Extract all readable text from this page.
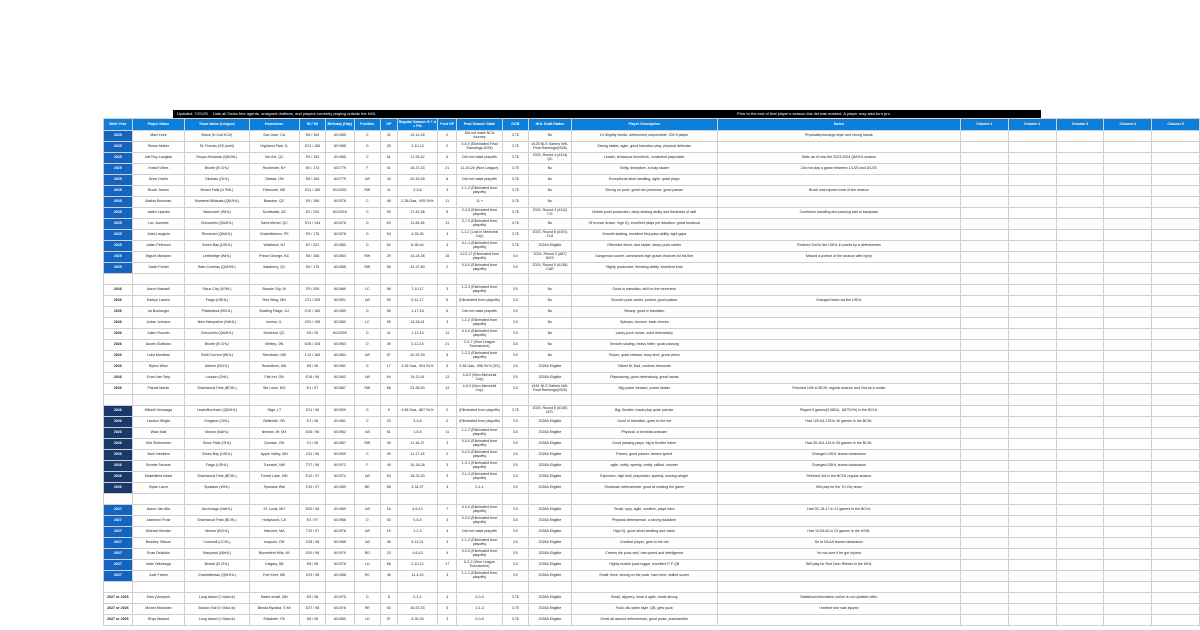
Updated: 7/21/25 Lists all Swiss free agents, unsigned draftees, and players currently playing outside the NHL	Prior to the end of that player's season this list was marked. A player may also turn pro
Birth Year	Player Name	Team Name (League)	Hometown	Ht / Wt	Birthday (Hdy)	Position	GP	Regular Season G + A = Pts	Post GP	Post Season Stats	DOB	NHL Draft Status	Player Description	Notes	Column 1	Column 2	Column 3	Column 4	Column 5
2025	Mavi Lees	Brave (K.Coll KCA)	San Jose, CA	5'8 / 163	6/1/985	C	32	12-14-26	0	Did not make NCA tourney	3.75	No	Dr Slightly frantic, defensively responsible, 200 ft player	Physicality/scrappy style and strong hands					
2025	Simon Moker	St. Francis (SS prohl)	Highland Park, IL	5'11 / 165	6/1/985	D	25	3-10-13	2	0-0-0 (Eliminated Final Standings 2025)	3.75	#125 NLS Sabres NHL Final Rankings(2025)	Strong skater, agile, good transition play, physical defender						
2025	Jeff Roy Langlois	Rouyn-Noranda (QMJHL)	Val d'or, QC	5'9 / 153	6/1/985	C	61	17-25-42	6	Did not make playoffs	3.75	2024, Round 4 (#114) QC	Leader, tenacious forecheck, consistent playmaker	Stats as of now the 2023-2024 QMJHL season					
2025	Kristof Vibes	Bronte (B CHL)	Rochester, NY	6'0 / 174	6/1/779	F	41	16-27-43	21	11-15-26 (Won League)	3.75	No	Shifty, deceptive, a busy skater	Did not play a game between 1/1/25 and 5/1/25					
2025	Drew Garfin	Okotoks (GHL)	Ottawa, ON	5'8 / 164	6/1/779	LW	43	20-15-35	6	Did not make playoffs	3.75	No	Exceptional stick handling, agile, quick plays						
2025	Brock James	Brown Falls (U SHL)	Falmouth, ME	5'11 / 180	6/1/2001	RW	11	3-3-6	4	1-1-2 (Eliminated from playoffs)	3.75	No	Strong on puck, great net presence, good passer	Brock was injured most of the season					
2025	Mathis Bonneau	Montreal Wildcats (QMJHL)	Brandon, QC	5'9 / 168	6/1/576	C	48	2-38 Gaa, .905 Sv%	11	11 +	3.75	No							
2025	Jaden Lipinski	Vancouver (WHL)	Scottsdale, AZ	6'2 / 204	6/1/2016	C	59	17-41-58	5	2-3-5 (Eliminated from playoffs)	3.75	2023, Round 4 (#112) CG	Mobile point production, deep skating ability and thickness of skill	Combines handling and passing skill to backpass					
2025	Luc Joannes	Chicoutimi (QMJHL)	Saint-Michel, QC	5'11 / 144	6/1/576	D	63	11-35-46	11	2-7-9 (Eliminated from playoffs)	3.75	No	Of bronze drawn, high IQ, excellent plays per situation, great breakout						
2025	Jules Langlois	Rimouski (QMJHL)	Charlottetown, PE	5'9 / 175	6/1/576	D	54	4-26-30	4	1-1-2 (Lost in Memorial Cup)	3.75	2023, Round 6 (#191) FLA	Smooth skating, excellent first-pass ability, tight gaps						
2025	Julian Peterson	Green Bay (USHL)	Waldwick, NJ	6'2 / 201	6/1/580	D	62	8-36-44	3	0-1-1 (Eliminated from playoffs)	3.75	2024A Eligible	Offensive driver, fast skater, sharp puck carrier	Finished 2nd in the USHL in points by a defenseman					
2025	Miguel Marquez	Lethbridge (WHL)	Prince George, BC	5'8 / 166	6/1/584	RW	29	14-24-38	16	4-13-17 (Eliminated from playoffs)	4.0	2024, Round 3 (#87) BOS	Dangerous scorer, commands high grade chances for his line	Missed a portion of the season with injury					
2025	Justin Poirier	Baie-Comeau (QMJHL)	Salaberry, QC	5'6 / 175	6/1/585	RW	58	43-37-80	2	0-0-0 (Eliminated from playoffs)	3.5	2024, Round 5 (#136) CAR	Highly productive, finishing ability, excellent shot						

2026	Aaron Mansell	Sioux City (USHL)	Bonnie City, IA	2'0 / 205	6/1/989	LC	56	7-10-17	3	1-2-3 (Eliminated from playoffs)	3.5	No	Good in transition, skill on the forecheck						
2026	Kaelyn Larsen	Fargo (USHL)	Red Wing, MN	2'11 / 205	6/1/991	LW	55	6-11-17	6	(Eliminated from playoffs)	3.5	No	Smooth puck carrier, poised, good passer	Changed team via the USHL					
2026	Ira Boulanger	Pilakelatoa (BCHL)	Bowling Ridge, NJ	4'10 / 185	6/1/989	D	55	1-17-18	6	Did not make playoffs	3.5	No	Steady, good in transition						
2026	Judas Johnson	New Hampshire (NAHL)	Ironton, IL	4'20 / 195	6/1/580	LC	55	13-28-41	3	1-1-2 (Eliminated from playoffs)	3.5	No	Spleeps, bounce, back checks						
2026	Julien Rouvier	Chicoutimi (QMJHL)	Montreal, QC	4'6 / 95	6/1/2000	D	41	1-13-14	11	0-0-0 (Eliminated from playoffs)	3.5	No	Lanky puck mover, solid defensively						
2026	Austin Sicilliano	Bronte (B CHL)	Whitby, ON	6'26 / 105	6/1/963	D	39	2-12-14	21	2-4-7 (Won League Tournament)	3.5	No	Smooth skating, heavy hitter, quick passing						
2026	Luka Mcmillan	Swift Current (WHL)	Steinbach, MB	1'12 / 165	6/1/964	LW	67	42-51-93	5	1-2-3 (Eliminated from playoffs)	3.5	No	Sniper, quick release, busy shot, great vision						
2026	Byllon Wise	Alberni (BCHL)	Brandborn, MA	5'8 / 96	6/1/981	G	17	3.16 Gaa, .904 Sv%	5	3.38 Gaa, .906 Sv% (DS)	3.5	2026A Eligible	Tallest fit, fluid, controls rebounds						
2026	Evan Van Seip	London (OHL)	Flat Irel, ON	6'16 / 96	6/1/963	LW	64	19-22-41	13	4-5-9 (Won Memorial Cup)	3.5	2026A Eligible	Playmaking, good defensively, great hands						
2026	Pascal Marsh	Shamwood Park (BCHL)	Ste Louis, MO	6'1 / 97	6/1/887	RW	68	23-36-59	13	4-5-9 (Won Memorial Cup)	3.5	#161 NLS Sabres NHL Final Rankings(2025)	Big power forward, power skater	Finished 10th in BCHL regular season and 2nd as a rookie					

2026	Mikaeli Vernaaga	Lewis/Burnham (QMJHL)	Sligo, LT	5'11 / 96	6/1/909	G	9	4.58 Gaa, .867 Sv%	0	(Eliminated from playoffs)	3.75	2024, Round 5 (#136) MTL	Big, flexible, reads play quite precise	Played 5 games(3.58GA, .887SV%) in the BCHL					
2026	Landon Wright	Kingston (OHL)	Belleville, ON	5'1 / 96	6/1/981	C	20	3-3-6	0	(Eliminated from playoffs)	3.5	2026A Eligible	Good in transition, goes to the net	Had 120-54-178 in 30 games in the BCHL					
2026	Walo Mail	Moose (NAHL)	Newton JH, MX	5'26 / 96	6/1/962	LW	61	1-5-6	11	1-1-2 (Eliminated from playoffs)	3.5	2026A Eligible	Physical, a formidal unaware						
2026	Kirk Stoltzmeier	Sioux Falls (OHL)	Dundas, ON	3'1 / 95	6/1/967	RW	45	11-16-27	3	0-0-0 (Eliminated from playoffs)	3.5	2026A Eligible	Good passing plays, big is throttle frame	Had 30-104-134 in 25 games in the BCHL					
2026	Zach Neebers	Green Bay (USHL)	Apple Valley, MN	4'11 / 96	6/1/909	C	49	11-17-18	2	0-0-0 (Eliminated from playoffs)	3.5	2026A Eligible	Poised, good passer, decent speed	Changed USHL teams midseason					
2026	Bonnie Sevarie	Fargo (USHL)	Tunnelel, NW	7'27 / 96	6/1/972	F	49	10-18-28	3	1-0-1 (Eliminated from playoffs)	3.5	2026A Eligible	agile, shifty, speedy, crafty, skilled, shooter	Changed USHL teams midseason					
2026	Makedfield Infant	Shamwood Park (BCHL)	Forest Lake, MN	5'10 / 97	6/1/974	LW	54	18-22-40	3	2-1-3 (Eliminated from playoffs)	3.5	2026A Eligible	Explosive, high skill, playmaker, speedy, scoring winger	Finished 3rd in the BCHL regular season					
2026	Dylan Lacor	Spokane (WHL)	Spokane Wal	3'10 / 97	6/1/989	BE	58	3-34-37	4	0-1-1	3.5	2026A Eligible	Shutdown defenseman, good at reading the game	Will play for the Tri-City team					

2027	Aaron Van Alia	Anchorage (NAHL)	St. Louis, MO	5'20 / 96	6/1/989	LW	16	4-6-10	7	0-0-0 (Eliminated from playoffs)	3.5	2026A Eligible	Small, spry, agile, creative, plays hard	Had 0C-34-17 in 21 games in the BCHL					
2027	Jameson Frost	Shamwood Park (BCHL)	Hollywood, CA	5'3 / 97	6/1/986	D	53	0-5-5	3	0-0-0 (Eliminated from playoffs)	3.5	2026A Eligible	Physical defenseman, a strong backliner						
2027	Michael Bender	Vernon (BCHL)	Hanover, MA	7'20 / 97	6/1/976	LW	19	1-2-3	4	Did not make playoffs	3.5	2026A Eligible	High IQ, good stick handling and vision	Had 10-54-62 in 23 games in the USHL					
2027	Beadley Gibson	Cornwall (CCHL)	Iroquois, ON	4'28 / 98	6/1/988	LW	46	9-12-21	4	1-1-2 (Eliminated from playoffs)	3.5	2026A Eligible	Creative player, gets to the net	Se la NCAA teams midseason					
2027	Evan DeNobis	Maryland (NAHL)	Bloomfield Hills, MI	5'20 / 98	6/1/979	RD	23	4-6-10	4	0-0-0 (Eliminated from playoffs)	3.5	2026A Eligible	Carries the puck well, has speed and intelligence	I'm not sure if he got injured					
2027	Nate Yellowega	Bronte (B CHL)	Calgary, AB	5'8 / 98	6/1/976	LD	68	2-10-12	17	0-2-2 (Won League Tournament)	3.5	2026A Eligible	Highly mobile puck lugger, excellent P P QB	Will play for Red Deer Rebels in the WHL					
2027	Jude Farren	Charlottetown (QMJHL)	Fort Kent, ME	4'29 / 98	6/1/988	RC	46	11-4-15	3	1-1-2 (Eliminated from playoffs)	3.5	2026A Eligible	Small, thick, strong on the puck, hard shot, skilled scorer						

2027 or 2026	Kian y'dumpeh	Long Island (I Vidal dr)	Maine email, MN	6'5 / 98	6/1/975	D	8	0-1-1	4	0-0-0	3.75	2026A Eligible	Small, slippery, lunar d agile, reads strong	Statistical information online is not updated often					
2027 or 2026	Michel Monahán	Boston Fall (V Vidal dr)	Benda Byrakta, S MI	6'27 / 98	6/1/976	RE	63	16-57-53	5	2-1-3	3.75	2026A Eligible	Fluid, dis optim style, QB, gets puck	I believe she was injured					
2027 or 2026	Rhys Maland	Long Island (I Vidal dr)	Elizabeth, PA	5'8 / 98	6/1/980	LD	57	3-30-33	3	0-0-0	3.75	2026A Eligible	Great all around defenseman, good poise, puckhandler						
